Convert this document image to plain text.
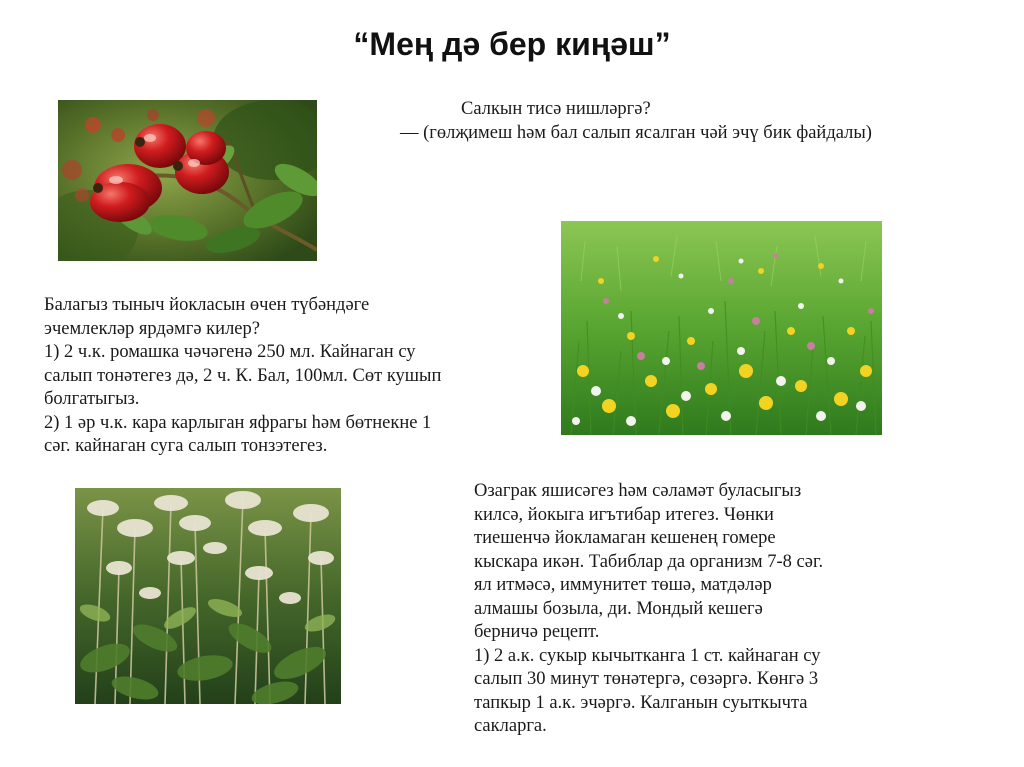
“Мең дә бер киңәш”
Салкын тисә нишләргә?
— (гөлҗимеш һәм бал салып ясалган чәй эчү бик файдалы)
Балагыз тыныч йокласын өчен түбәндәге
эчемлекләр ярдәмгә килер?
1) 2 ч.к. ромашка чәчәгенә 250 мл. Кайнаган су
салып тонәтегез дә, 2 ч. К. Бал, 100мл. Сөт кушып
болгатыгыз.
2) 1 әр ч.к. кара карлыган яфрагы һәм бөтнекне 1
сәг. кайнаган суга салып тонзэтегез.
Озаграк яшисәгез һәм сәламәт буласыгыз
килсә, йокыга игътибар итегез. Чөнки
тиешенчә йокламаган кешенең гомере
кыскара икән. Табиблар да организм 7-8 сәг.
ял итмәсә, иммунитет төшә, матдәләр
алмашы бозыла, ди. Мондый кешегә
берничә рецепт.
1) 2 а.к. сукыр кычытканга 1 ст. кайнаган су
салып 30 минут төнәтергә, сөзәргә. Көнгә 3
тапкыр 1 а.к. эчәргә. Калганын суыткычта
сакларга.
